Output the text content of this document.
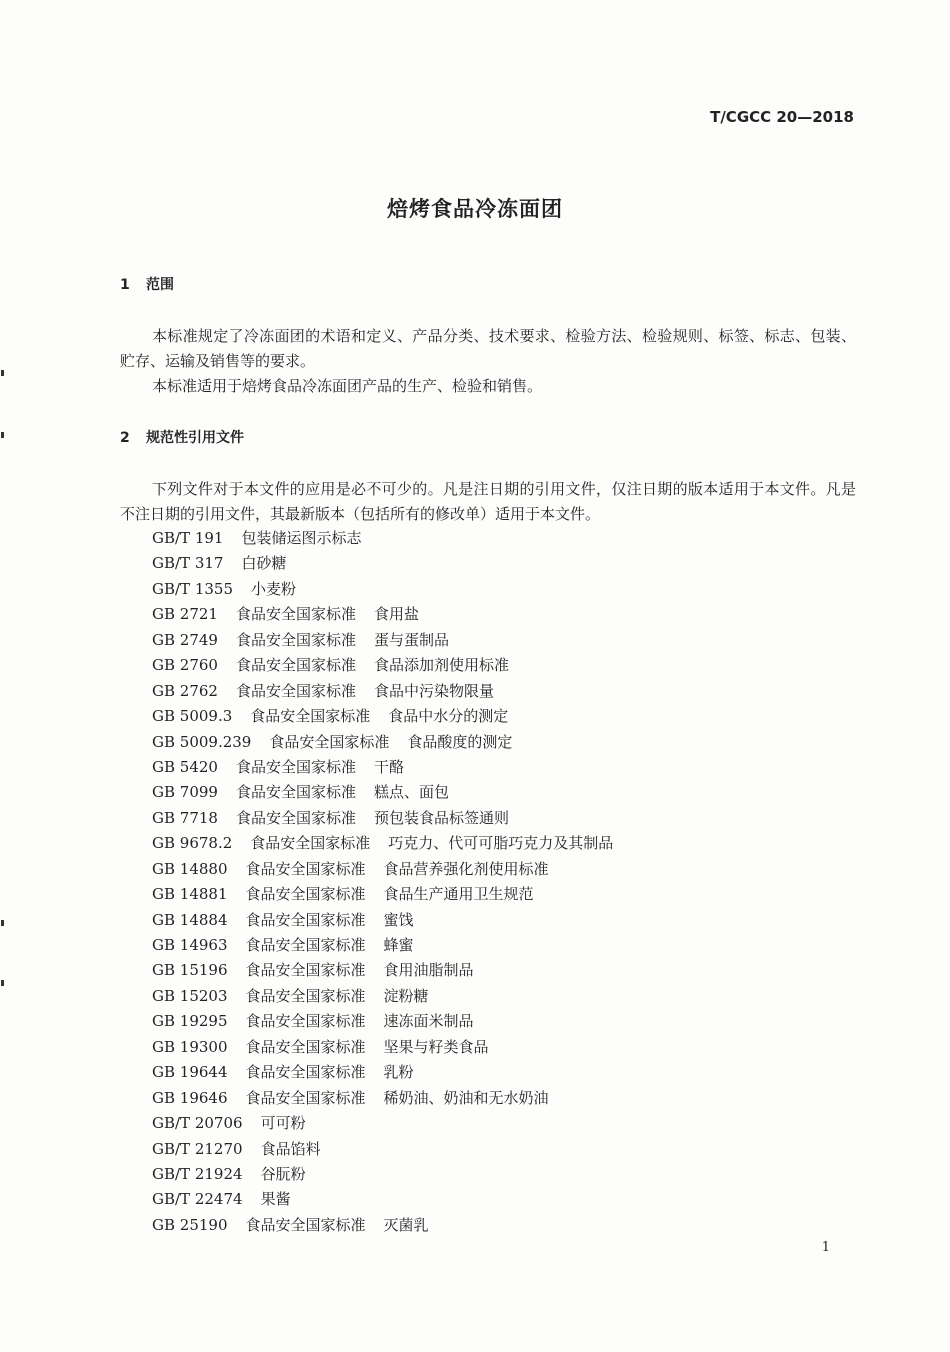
T/CGCC 20—2018
焙烤食品冷冻面团
1 范围

本标准规定了冷冻面团的术语和定义、产品分类、技术要求、检验方法、检验规则、标签、标志、包装、贮存、运输及销售等的要求。

本标准适用于焙烤食品冷冻面团产品的生产、检验和销售。

2 规范性引用文件

下列文件对于本文件的应用是必不可少的。凡是注日期的引用文件，仅注日期的版本适用于本文件。凡是不注日期的引用文件，其最新版本（包括所有的修改单）适用于本文件。

GB/T 191 包装储运图示标志
GB/T 317 白砂糖
GB/T 1355 小麦粉
GB 2721 食品安全国家标准 食用盐
GB 2749 食品安全国家标准 蛋与蛋制品
GB 2760 食品安全国家标准 食品添加剂使用标准
GB 2762 食品安全国家标准 食品中污染物限量
GB 5009.3 食品安全国家标准 食品中水分的测定
GB 5009.239 食品安全国家标准 食品酸度的测定
GB 5420 食品安全国家标准 干酪
GB 7099 食品安全国家标准 糕点、面包
GB 7718 食品安全国家标准 预包装食品标签通则
GB 9678.2 食品安全国家标准 巧克力、代可可脂巧克力及其制品
GB 14880 食品安全国家标准 食品营养强化剂使用标准
GB 14881 食品安全国家标准 食品生产通用卫生规范
GB 14884 食品安全国家标准 蜜饯
GB 14963 食品安全国家标准 蜂蜜
GB 15196 食品安全国家标准 食用油脂制品
GB 15203 食品安全国家标准 淀粉糖
GB 19295 食品安全国家标准 速冻面米制品
GB 19300 食品安全国家标准 坚果与籽类食品
GB 19644 食品安全国家标准 乳粉
GB 19646 食品安全国家标准 稀奶油、奶油和无水奶油
GB/T 20706 可可粉
GB/T 21270 食品馅料
GB/T 21924 谷朊粉
GB/T 22474 果酱
GB 25190 食品安全国家标准 灭菌乳
1
